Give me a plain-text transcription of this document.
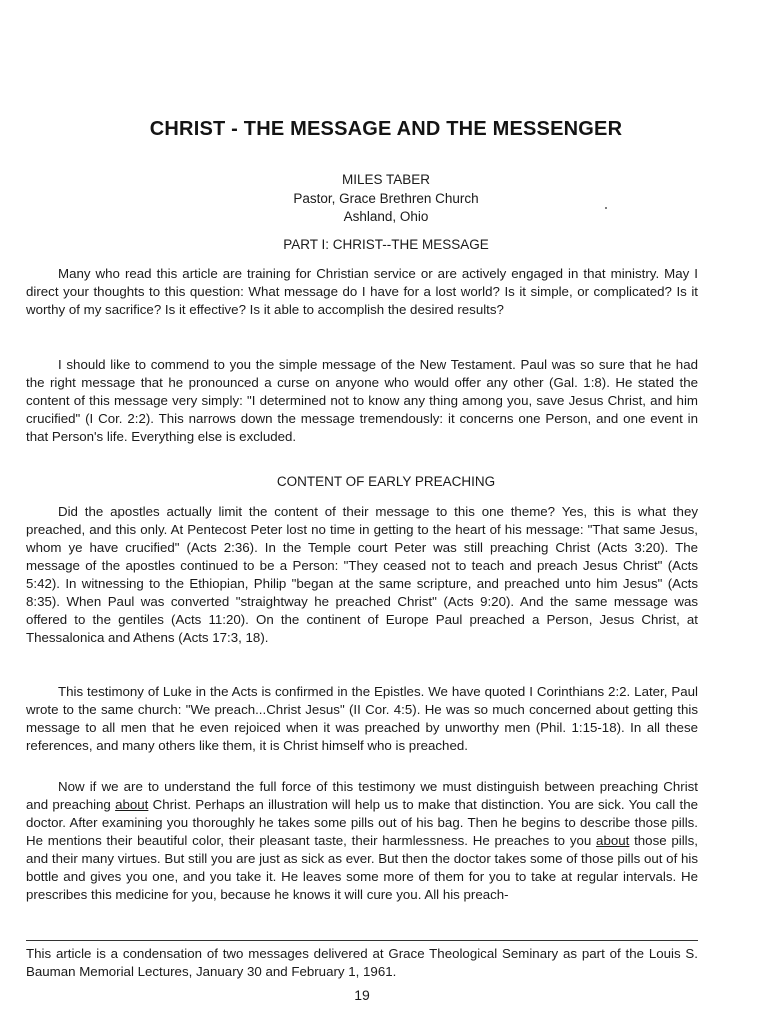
CHRIST - THE MESSAGE AND THE MESSENGER
MILES TABER
Pastor, Grace Brethren Church
Ashland, Ohio
PART I: CHRIST--THE MESSAGE

Many who read this article are training for Christian service or are actively engaged in that ministry. May I direct your thoughts to this question: What message do I have for a lost world? Is it simple, or complicated? Is it worthy of my sacrifice? Is it effective? Is it able to accomplish the desired results?

I should like to commend to you the simple message of the New Testament. Paul was so sure that he had the right message that he pronounced a curse on anyone who would offer any other (Gal. 1:8). He stated the content of this message very simply: "I determined not to know any thing among you, save Jesus Christ, and him crucified" (I Cor. 2:2). This narrows down the message tremendously: it concerns one Person, and one event in that Person's life. Everything else is excluded.

CONTENT OF EARLY PREACHING

Did the apostles actually limit the content of their message to this one theme? Yes, this is what they preached, and this only. At Pentecost Peter lost no time in getting to the heart of his message: "That same Jesus, whom ye have crucified" (Acts 2:36). In the Temple court Peter was still preaching Christ (Acts 3:20). The message of the apostles continued to be a Person: "They ceased not to teach and preach Jesus Christ" (Acts 5:42). In witnessing to the Ethiopian, Philip "began at the same scripture, and preached unto him Jesus" (Acts 8:35). When Paul was converted "straightway he preached Christ" (Acts 9:20). And the same message was offered to the gentiles (Acts 11:20). On the continent of Europe Paul preached a Person, Jesus Christ, at Thessalonica and Athens (Acts 17:3, 18).

This testimony of Luke in the Acts is confirmed in the Epistles. We have quoted I Corinthians 2:2. Later, Paul wrote to the same church: "We preach...Christ Jesus" (II Cor. 4:5). He was so much concerned about getting this message to all men that he even rejoiced when it was preached by unworthy men (Phil. 1:15-18). In all these references, and many others like them, it is Christ himself who is preached.

Now if we are to understand the full force of this testimony we must distinguish between preaching Christ and preaching about Christ. Perhaps an illustration will help us to make that distinction. You are sick. You call the doctor. After examining you thoroughly he takes some pills out of his bag. Then he begins to describe those pills. He mentions their beautiful color, their pleasant taste, their harmlessness. He preaches to you about those pills, and their many virtues. But still you are just as sick as ever. But then the doctor takes some of those pills out of his bottle and gives you one, and you take it. He leaves some more of them for you to take at regular intervals. He prescribes this medicine for you, because he knows it will cure you. All his preach-

This article is a condensation of two messages delivered at Grace Theological Seminary as part of the Louis S. Bauman Memorial Lectures, January 30 and February 1, 1961.

19
